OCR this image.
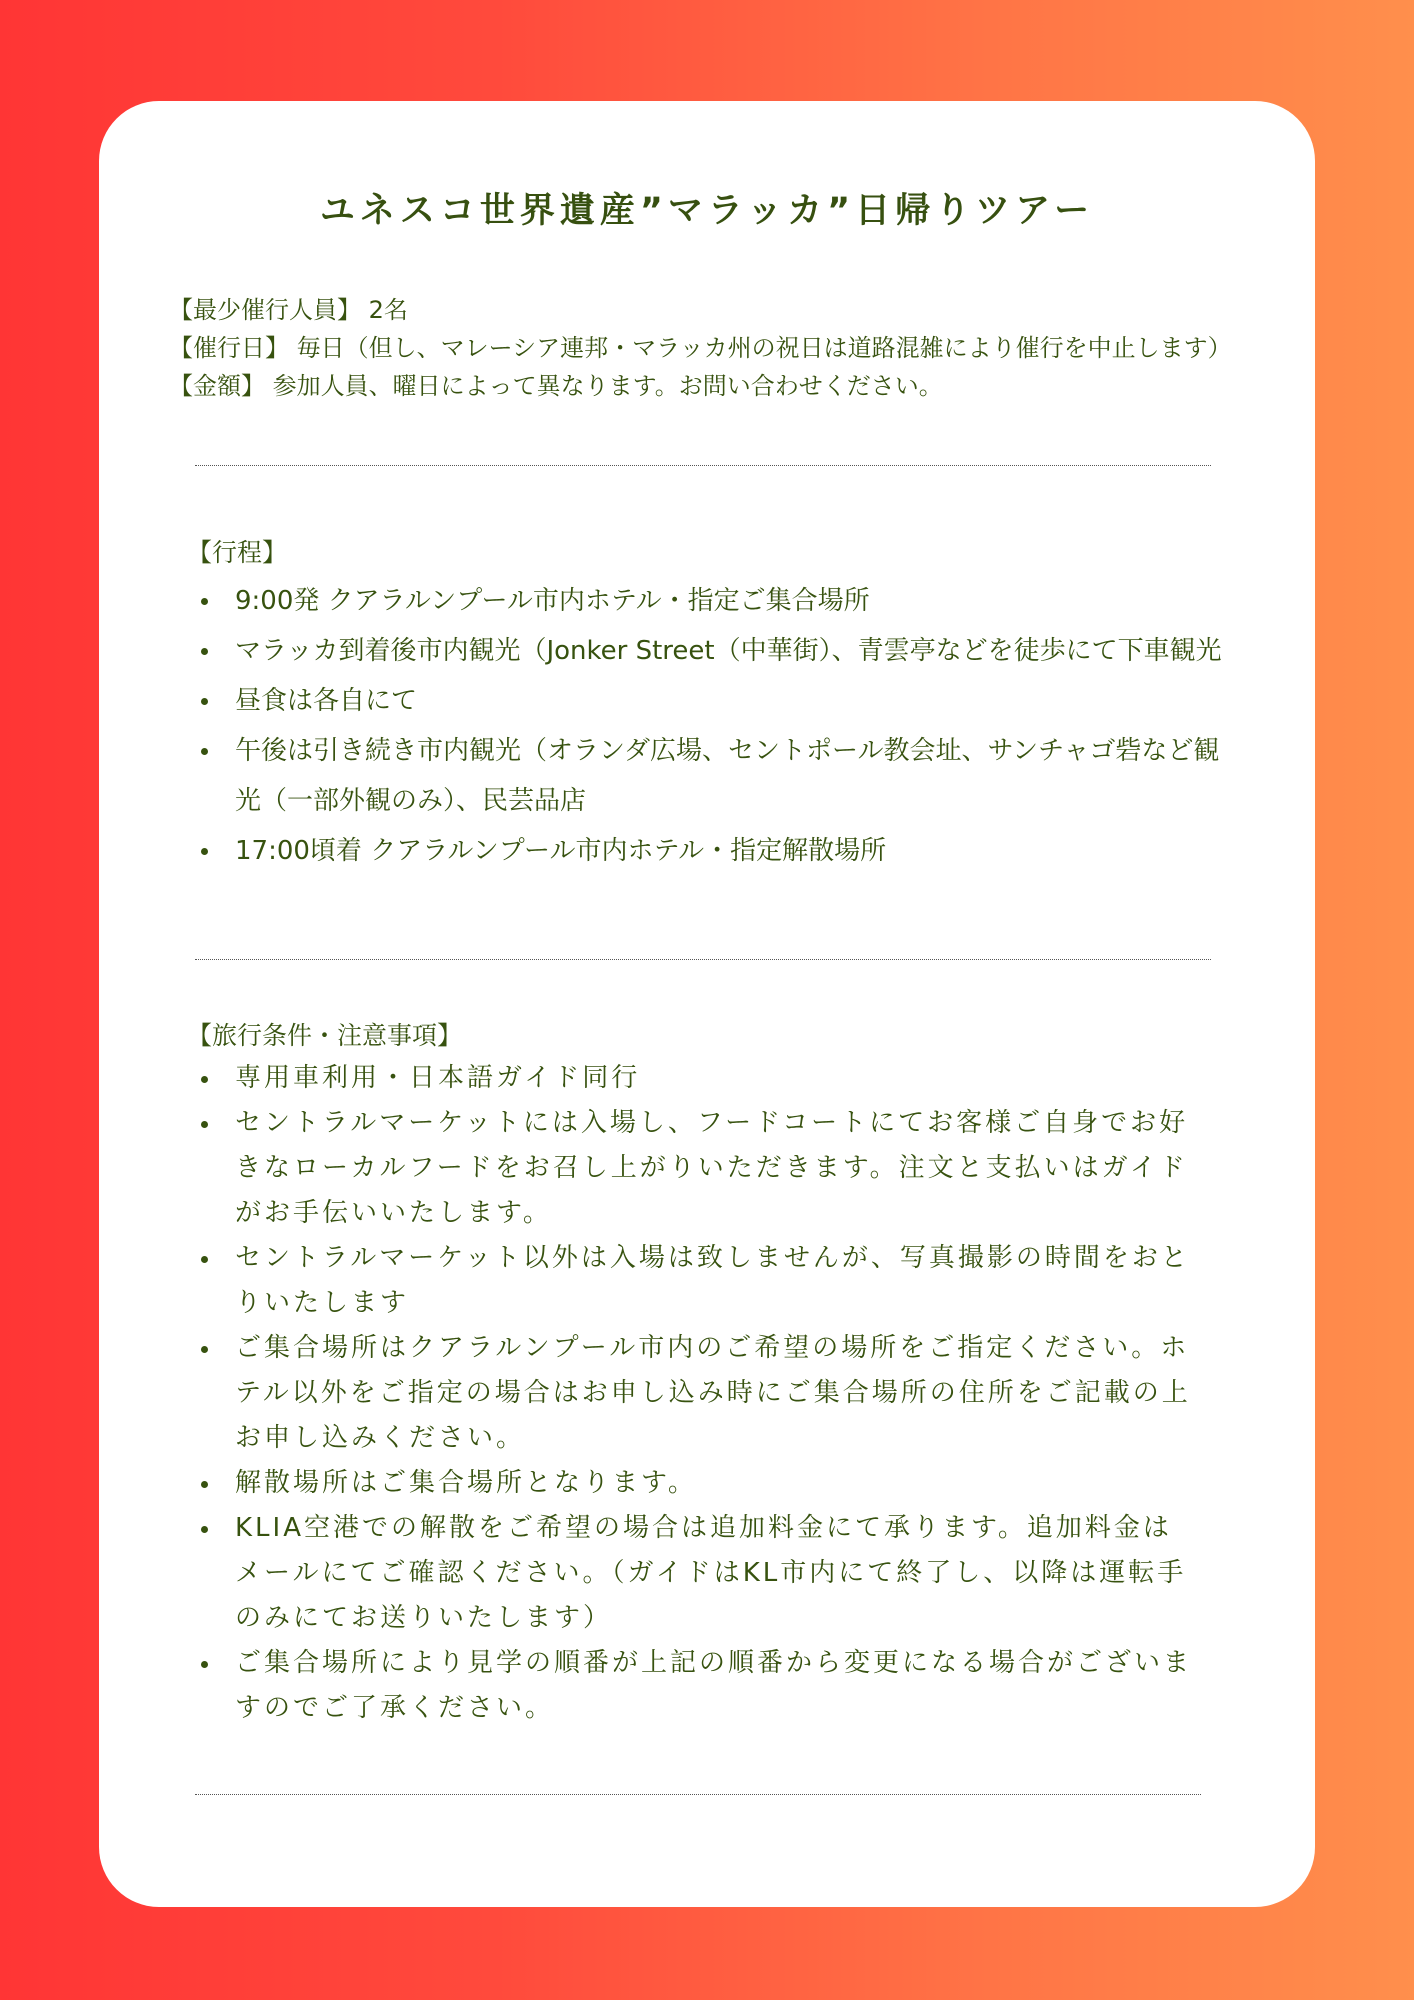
ユネスコ世界遺産”マラッカ”日帰りツアー
【最少催行人員】 2名
【催行日】 毎日（但し、マレーシア連邦・マラッカ州の祝日は道路混雑により催行を中止します）
【金額】 参加人員、曜日によって異なります。お問い合わせください。
【行程】
9:00発 クアラルンプール市内ホテル・指定ご集合場所
マラッカ到着後市内観光（Jonker Street（中華街）、青雲亭などを徒歩にて下車観光
昼食は各自にて
午後は引き続き市内観光（オランダ広場、セントポール教会址、サンチャゴ砦など観光（一部外観のみ）、民芸品店
17:00頃着 クアラルンプール市内ホテル・指定解散場所
【旅行条件・注意事項】
専用車利用・日本語ガイド同行
セントラルマーケットには入場し、フードコートにてお客様ご自身でお好きなローカルフードをお召し上がりいただきます。注文と支払いはガイドがお手伝いいたします。
セントラルマーケット以外は入場は致しませんが、写真撮影の時間をおとりいたします
ご集合場所はクアラルンプール市内のご希望の場所をご指定ください。ホテル以外をご指定の場合はお申し込み時にご集合場所の住所をご記載の上お申し込みください。
解散場所はご集合場所となります。
KLIA空港での解散をご希望の場合は追加料金にて承ります。追加料金はメールにてご確認ください。（ガイドはKL市内にて終了し、以降は運転手のみにてお送りいたします）
ご集合場所により見学の順番が上記の順番から変更になる場合がございますのでご了承ください。
